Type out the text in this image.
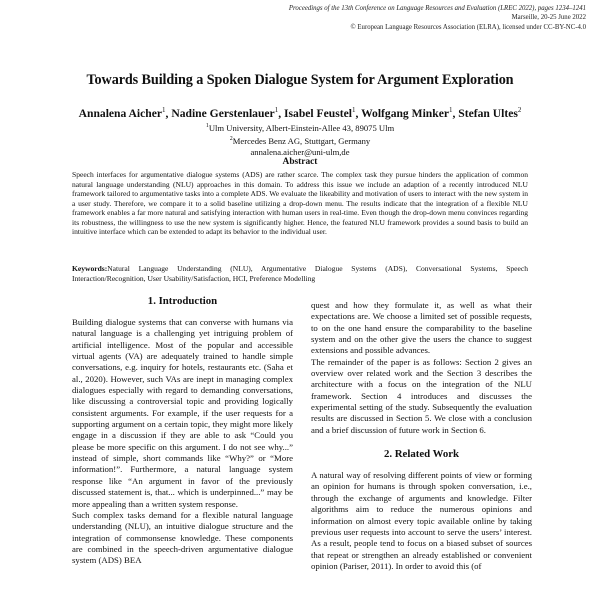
Proceedings of the 13th Conference on Language Resources and Evaluation (LREC 2022), pages 1234–1241
Marseille, 20-25 June 2022
© European Language Resources Association (ELRA), licensed under CC-BY-NC-4.0
Towards Building a Spoken Dialogue System for Argument Exploration
Annalena Aicher$^1$, Nadine Gerstenlauer$^1$, Isabel Feustel$^1$, Wolfgang Minker$^1$, Stefan Ultes$^2$
$^1$Ulm University, Albert-Einstein-Allee 43, 89075 Ulm
$^2$Mercedes Benz AG, Stuttgart, Germany
annalena.aicher@uni-ulm,de
Abstract
Speech interfaces for argumentative dialogue systems (ADS) are rather scarce. The complex task they pursue hinders the application of common natural language understanding (NLU) approaches in this domain. To address this issue we include an adaption of a recently introduced NLU framework tailored to argumentative tasks into a complete ADS. We evaluate the likeability and motivation of users to interact with the new system in a user study. Therefore, we compare it to a solid baseline utilizing a drop-down menu. The results indicate that the integration of a flexible NLU framework enables a far more natural and satisfying interaction with human users in real-time. Even though the drop-down menu convinces regarding its robustness, the willingness to use the new system is significantly higher. Hence, the featured NLU framework provides a sound basis to build an intuitive interface which can be extended to adapt its behavior to the individual user.
Keywords:Natural Language Understanding (NLU), Argumentative Dialogue Systems (ADS), Conversational Systems, Speech Interaction/Recognition, User Usability/Satisfaction, HCI, Preference Modelling
1. Introduction

Building dialogue systems that can converse with humans via natural language is a challenging yet intriguing problem of artificial intelligence. Most of the popular and accessible virtual agents (VA) are adequately trained to handle simple conversations, e.g. inquiry for hotels, restaurants etc. (Saha et al., 2020). However, such VAs are inept in managing complex dialogues especially with regard to demanding conversations, like discussing a controversial topic and providing logically consistent arguments. For example, if the user requests for a supporting argument on a certain topic, they might more likely engage in a discussion if they are able to ask “Could you please be more specific on this argument. I do not see why...” instead of simple, short commands like “Why?” or “More information!”. Furthermore, a natural language system response like “An argument in favor of the previously discussed statement is, that... which is underpinned...” may be more appealing than a written system response.

Such complex tasks demand for a flexible natural language understanding (NLU), an intuitive dialogue structure and the integration of commonsense knowledge. These components are combined in the speech-driven argumentative dialogue system (ADS) BEA

quest and how they formulate it, as well as what their expectations are. We choose a limited set of possible requests, to on the one hand ensure the comparability to the baseline system and on the other give the users the chance to suggest extensions and possible advances.

The remainder of the paper is as follows: Section 2 gives an overview over related work and the Section 3 describes the architecture with a focus on the integration of the NLU framework. Section 4 introduces and discusses the experimental setting of the study. Subsequently the evaluation results are discussed in Section 5. We close with a conclusion and a brief discussion of future work in Section 6.

2. Related Work

A natural way of resolving different points of view or forming an opinion for humans is through spoken conversation, i.e., through the exchange of arguments and knowledge. Filter algorithms aim to reduce the numerous opinions and information on almost every topic available online by taking previous user requests into account to serve the users’ interest. As a result, people tend to focus on a biased subset of sources that repeat or strengthen an already established or convenient opinion (Pariser, 2011). In order to avoid this (of
